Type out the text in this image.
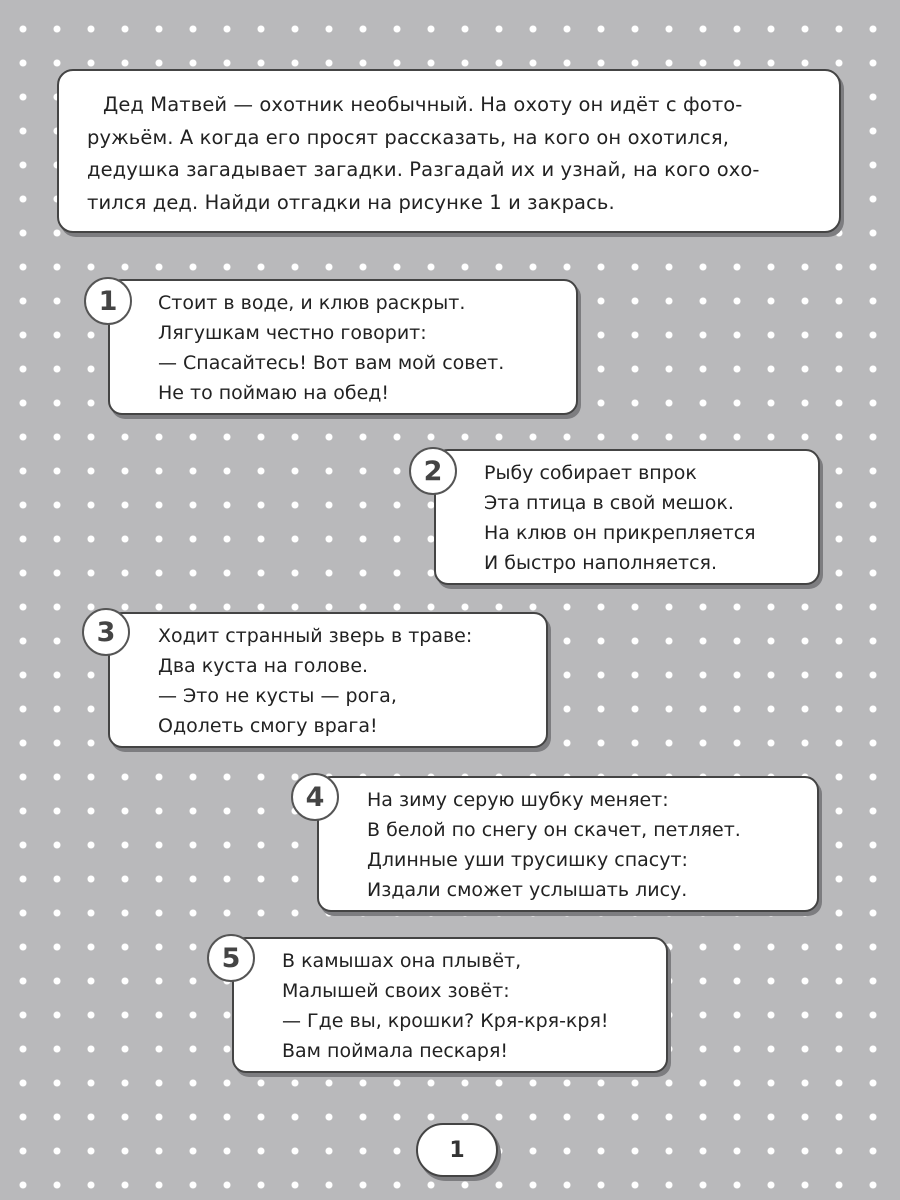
Дед Матвей — охотник необычный. На охоту он идёт с фото-
ружьём. А когда его просят рассказать, на кого он охотился,
дедушка загадывает загадки. Разгадай их и узнай, на кого охо-
тился дед. Найди отгадки на рисунке 1 и закрась.
Стоит в воде, и клюв раскрыт.
Лягушкам честно говорит:
— Спасайтесь! Вот вам мой совет.
Не то поймаю на обед!
1
Рыбу собирает впрок
Эта птица в свой мешок.
На клюв он прикрепляется
И быстро наполняется.
2
Ходит странный зверь в траве:
Два куста на голове.
— Это не кусты — рога,
Одолеть смогу врага!
3
На зиму серую шубку меняет:
В белой по снегу он скачет, петляет.
Длинные уши трусишку спасут:
Издали сможет услышать лису.
4
В камышах она плывёт,
Малышей своих зовёт:
— Где вы, крошки? Кря-кря-кря!
Вам поймала пескаря!
5
1
